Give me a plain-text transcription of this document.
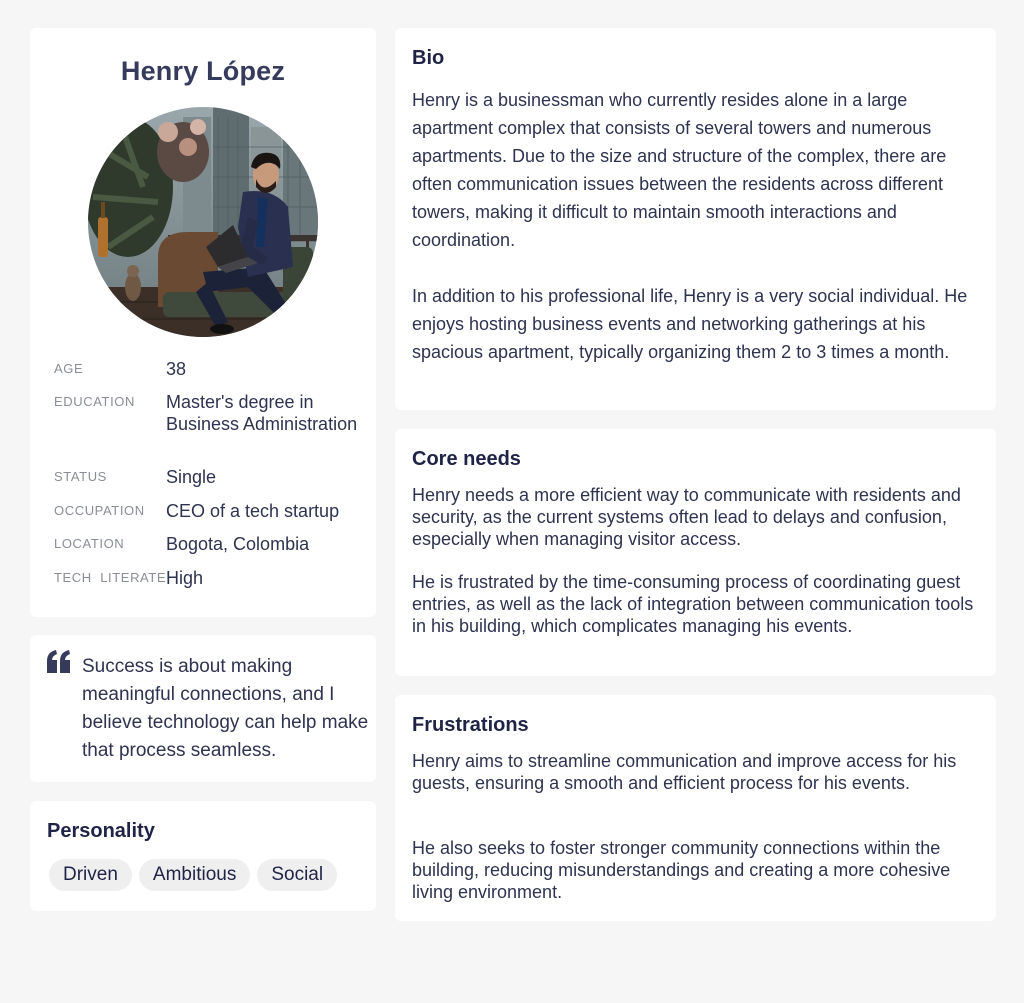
Henry López
AGE	38
EDUCATION Master's degree in Business Administration
STATUS	Single
OCCUPATION CEO of a tech startup
LOCATION Bogota, Colombia
TECH  LITERATE High
Success is about making meaningful connections, and I believe technology can help make that process seamless.
Personality
Driven	Ambitious	Social
Bio
Henry is a businessman who currently resides alone in a large apartment complex that consists of several towers and numerous apartments. Due to the size and structure of the complex, there are often communication issues between the residents across different towers, making it difficult to maintain smooth interactions and coordination.
In addition to his professional life, Henry is a very social individual. He enjoys hosting business events and networking gatherings at his spacious apartment, typically organizing them 2 to 3 times a month.
Core needs
Henry needs a more efficient way to communicate with residents and security, as the current systems often lead to delays and confusion, especially when managing visitor access.
He is frustrated by the time-consuming process of coordinating guest entries, as well as the lack of integration between communication tools in his building, which complicates managing his events.
Frustrations
Henry aims to streamline communication and improve access for his guests, ensuring a smooth and efficient process for his events.
He also seeks to foster stronger community connections within the building, reducing misunderstandings and creating a more cohesive living environment.
